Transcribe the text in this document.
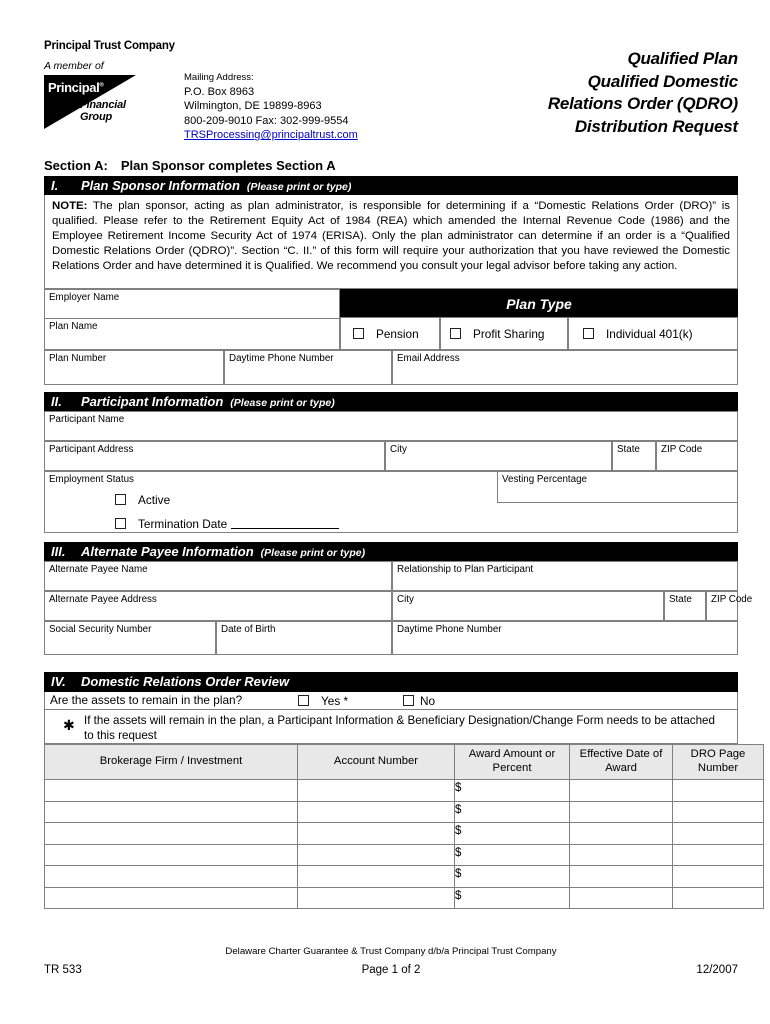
Principal Trust Company
A member of
Principal®
Financial
Group
Mailing Address:
P.O. Box 8963
Wilmington, DE 19899-8963
800-209-9010 Fax: 302-999-9554
TRSProcessing@principaltrust.com
Qualified Plan
Qualified Domestic
Relations Order (QDRO)
Distribution Request
Section A: Plan Sponsor completes Section A
I. Plan Sponsor Information (Please print or type)
NOTE: The plan sponsor, acting as plan administrator, is responsible for determining if a “Domestic Relations Order (DRO)” is qualified. Please refer to the Retirement Equity Act of 1984 (REA) which amended the Internal Revenue Code (1986) and the Employee Retirement Income Security Act of 1974 (ERISA). Only the plan administrator can determine if an order is a “Qualified Domestic Relations Order (QDRO)”. Section “C. II.” of this form will require your authorization that you have reviewed the Domestic Relations Order and have determined it is Qualified. We recommend you consult your legal advisor before taking any action.
Employer Name	Plan Type
Plan Name
Pension	Profit Sharing	Individual 401(k)
Plan Number	Daytime Phone Number	Email Address
II. Participant Information (Please print or type)
Participant Name
Participant Address	City	State ZIP Code
Employment Status
Active
Termination Date
Vesting Percentage
III. Alternate Payee Information (Please print or type)
Alternate Payee Name	Relationship to Plan Participant
Alternate Payee Address	City	State ZIP Code
Social Security Number	Date of Birth	Daytime Phone Number
IV. Domestic Relations Order Review
Are the assets to remain in the plan?	Yes *	No
✱ If the assets will remain in the plan, a Participant Information & Beneficiary Designation/Change Form needs to be attached to this request
Brokerage Firm / Investment	Account Number	Award Amount or Percent	Effective Date of Award	DRO Page Number
		$		
		$		
		$		
		$		
		$		
		$		
Delaware Charter Guarantee & Trust Company d/b/a Principal Trust Company
TR 533	Page 1 of 2	12/2007
